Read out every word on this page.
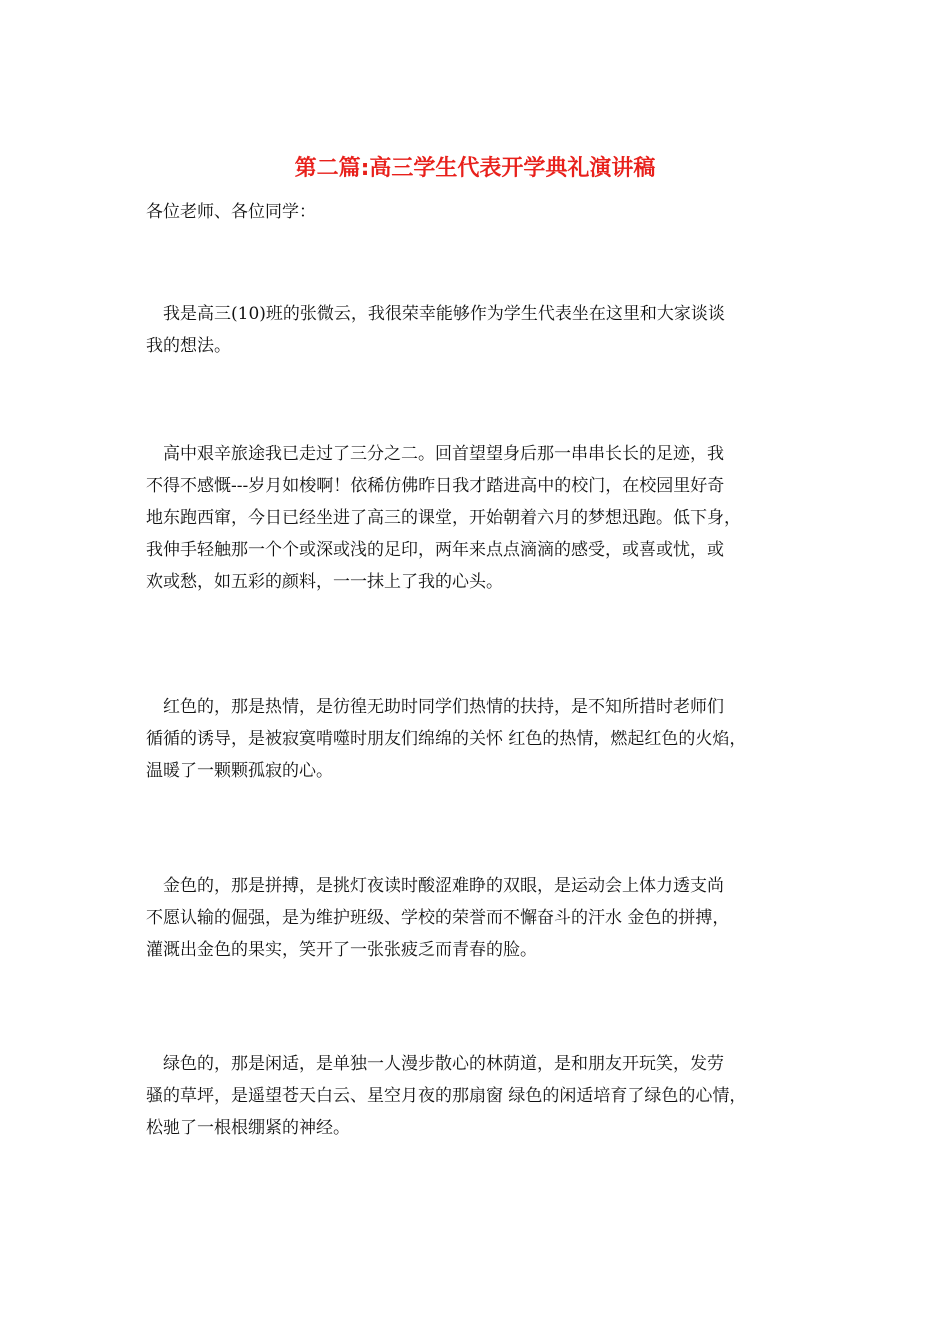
第二篇:高三学生代表开学典礼演讲稿
各位老师、各位同学：
　我是高三(10)班的张微云，我很荣幸能够作为学生代表坐在这里和大家谈谈
我的想法。
　高中艰辛旅途我已走过了三分之二。回首望望身后那一串串长长的足迹，我
不得不感慨---岁月如梭啊！依稀仿佛昨日我才踏进高中的校门，在校园里好奇
地东跑西窜，今日已经坐进了高三的课堂，开始朝着六月的梦想迅跑。低下身，
我伸手轻触那一个个或深或浅的足印，两年来点点滴滴的感受，或喜或忧，或
欢或愁，如五彩的颜料，一一抹上了我的心头。
　红色的，那是热情，是彷徨无助时同学们热情的扶持，是不知所措时老师们
循循的诱导，是被寂寞啃噬时朋友们绵绵的关怀 红色的热情，燃起红色的火焰，
温暖了一颗颗孤寂的心。
　金色的，那是拼搏，是挑灯夜读时酸涩难睁的双眼，是运动会上体力透支尚
不愿认输的倔强，是为维护班级、学校的荣誉而不懈奋斗的汗水 金色的拼搏，
灌溉出金色的果实，笑开了一张张疲乏而青春的脸。
　绿色的，那是闲适，是单独一人漫步散心的林荫道，是和朋友开玩笑，发劳
骚的草坪，是遥望苍天白云、星空月夜的那扇窗 绿色的闲适培育了绿色的心情，
松驰了一根根绷紧的神经。
